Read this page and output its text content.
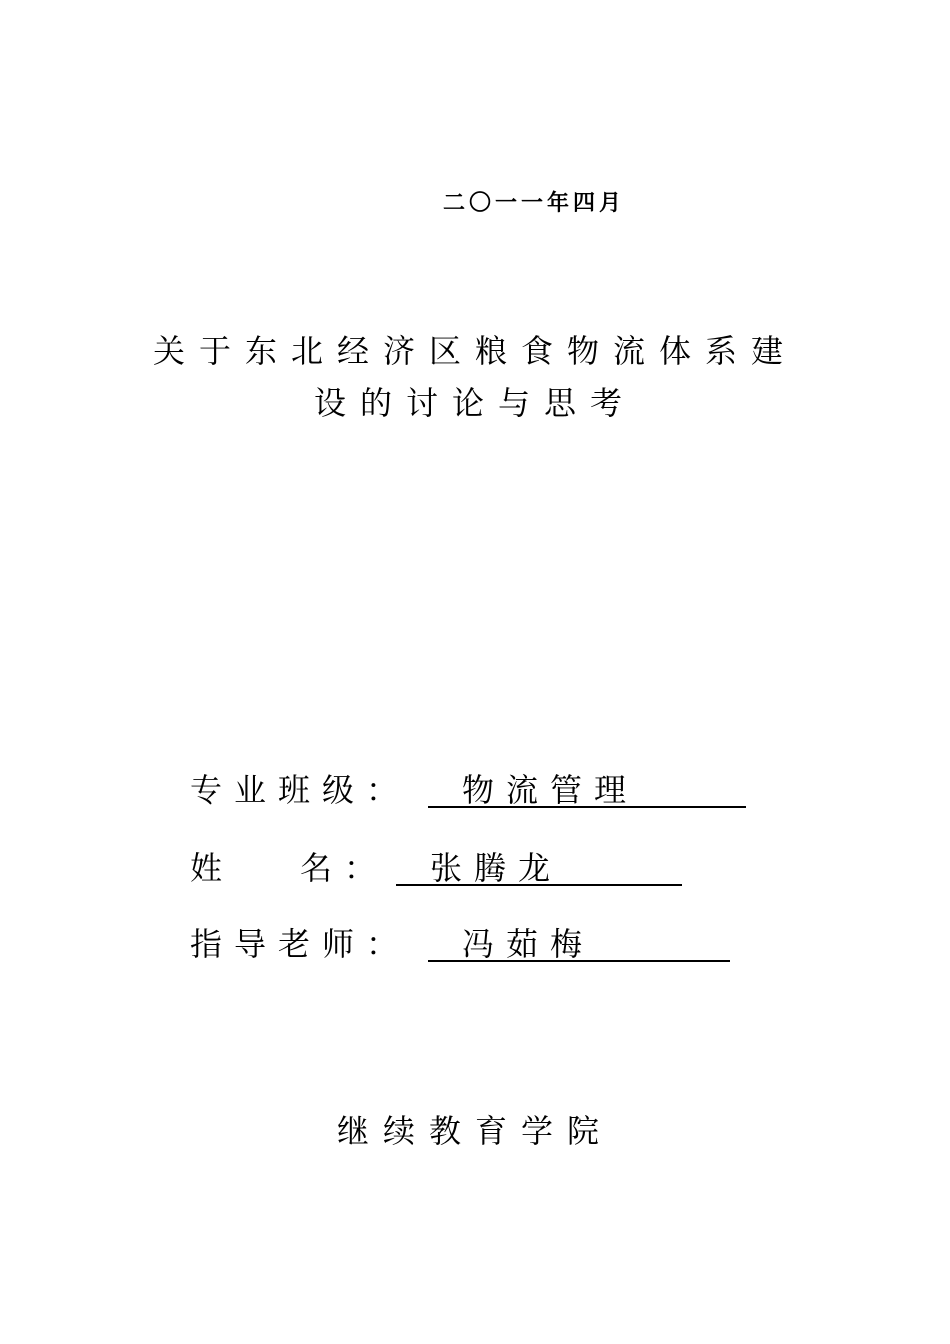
二〇一一年四月
关于东北经济区粮食物流体系建
设的讨论与思考
专业班级：	物流管理
姓 名：	张腾龙
指导老师：	冯茹梅
继续教育学院
